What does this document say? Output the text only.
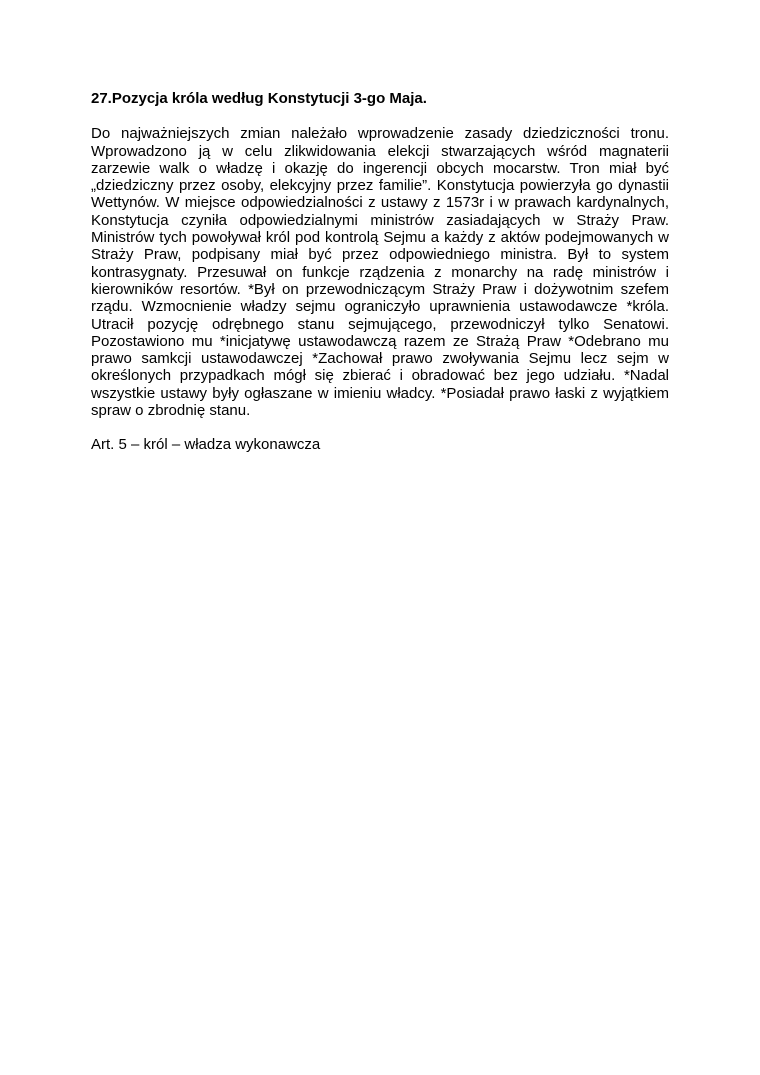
27.Pozycja króla według Konstytucji 3-go Maja.

Do najważniejszych zmian należało wprowadzenie zasady dziedziczności tronu. Wprowadzono ją w celu zlikwidowania elekcji stwarzających wśród magnaterii zarzewie walk o władzę i okazję do ingerencji obcych mocarstw. Tron miał być „dziedziczny przez osoby, elekcyjny przez familie”. Konstytucja powierzyła go dynastii Wettynów. W miejsce odpowiedzialności z ustawy z 1573r i w prawach kardynalnych, Konstytucja czyniła odpowiedzialnymi ministrów zasiadających w Straży Praw. Ministrów tych powoływał król pod kontrolą Sejmu a każdy z aktów podejmowanych w Straży Praw, podpisany miał być przez odpowiedniego ministra. Był to system kontrasygnaty. Przesuwał on funkcje rządzenia z monarchy na radę ministrów i kierowników resortów. *Był on przewodniczącym Straży Praw i dożywotnim szefem rządu. Wzmocnienie władzy sejmu ograniczyło uprawnienia ustawodawcze *króla. Utracił pozycję odrębnego stanu sejmującego, przewodniczył tylko Senatowi. Pozostawiono mu *inicjatywę ustawodawczą razem ze Strażą Praw *Odebrano mu prawo samkcji ustawodawczej *Zachował prawo zwoływania Sejmu lecz sejm w określonych przypadkach mógł się zbierać i obradować bez jego udziału. *Nadal wszystkie ustawy były ogłaszane w imieniu władcy. *Posiadał prawo łaski z wyjątkiem spraw o zbrodnię stanu.

Art. 5 – król – władza wykonawcza
